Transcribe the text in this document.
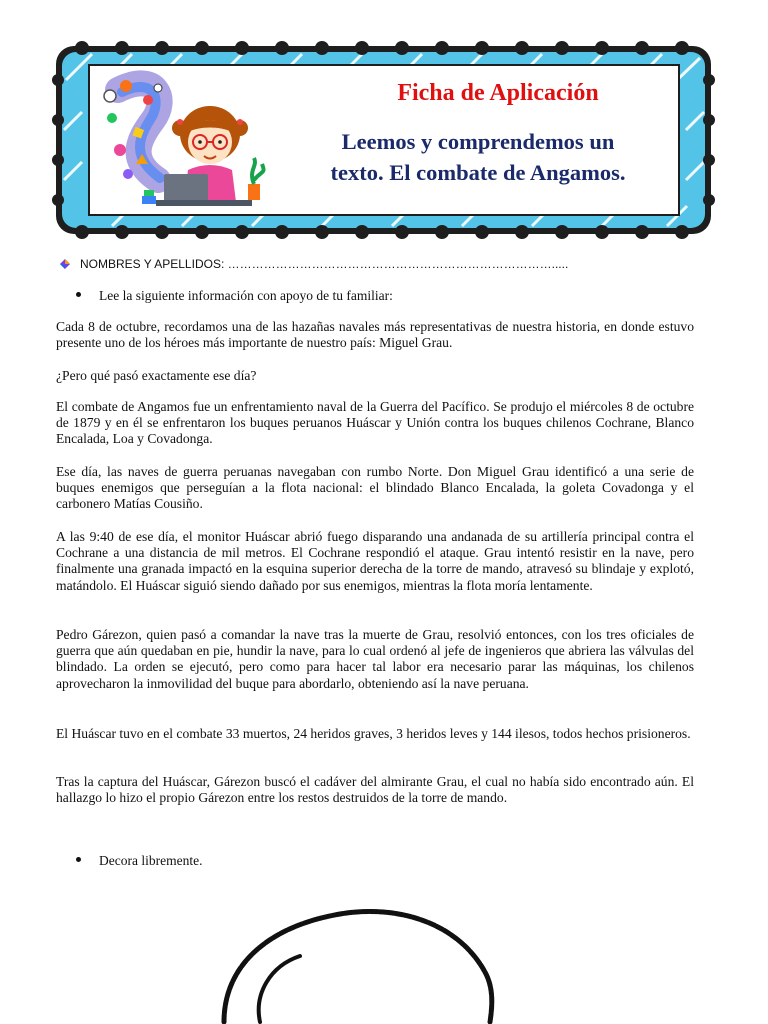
Ficha de Aplicación
Leemos y comprendemos un
texto. El combate de Angamos.
NOMBRES Y APELLIDOS: ……………………………………………………………………….....
Lee la siguiente información con apoyo de tu familiar:
Cada 8 de octubre, recordamos una de las hazañas navales más representativas de nuestra historia, en donde estuvo presente uno de los héroes más importante de nuestro país: Miguel Grau.
¿Pero qué pasó exactamente ese día?
El combate de Angamos fue un enfrentamiento naval de la Guerra del Pacífico. Se produjo el miércoles 8 de octubre de 1879 y en él se enfrentaron los buques peruanos Huáscar y Unión contra los buques chilenos Cochrane, Blanco Encalada, Loa y Covadonga.
Ese día, las naves de guerra peruanas navegaban con rumbo Norte. Don Miguel Grau identificó a una serie de buques enemigos que perseguían a la flota nacional: el blindado Blanco Encalada, la goleta Covadonga y el carbonero Matías Cousiño.
A las 9:40 de ese día, el monitor Huáscar abrió fuego disparando una andanada de su artillería principal contra el Cochrane a una distancia de mil metros. El Cochrane respondió el ataque. Grau intentó resistir en la nave, pero finalmente una granada impactó en la esquina superior derecha de la torre de mando, atravesó su blindaje y explotó, matándolo. El Huáscar siguió siendo dañado por sus enemigos, mientras la flota moría lentamente.
Pedro Gárezon, quien pasó a comandar la nave tras la muerte de Grau, resolvió entonces, con los tres oficiales de guerra que aún quedaban en pie, hundir la nave, para lo cual ordenó al jefe de ingenieros que abriera las válvulas del blindado. La orden se ejecutó, pero como para hacer tal labor era necesario parar las máquinas, los chilenos aprovecharon la inmovilidad del buque para abordarlo, obteniendo así la nave peruana.
El Huáscar tuvo en el combate 33 muertos, 24 heridos graves, 3 heridos leves y 144 ilesos, todos hechos prisioneros.
Tras la captura del Huáscar, Gárezon buscó el cadáver del almirante Grau, el cual no había sido encontrado aún. El hallazgo lo hizo el propio Gárezon entre los restos destruidos de la torre de mando.
Decora libremente.
